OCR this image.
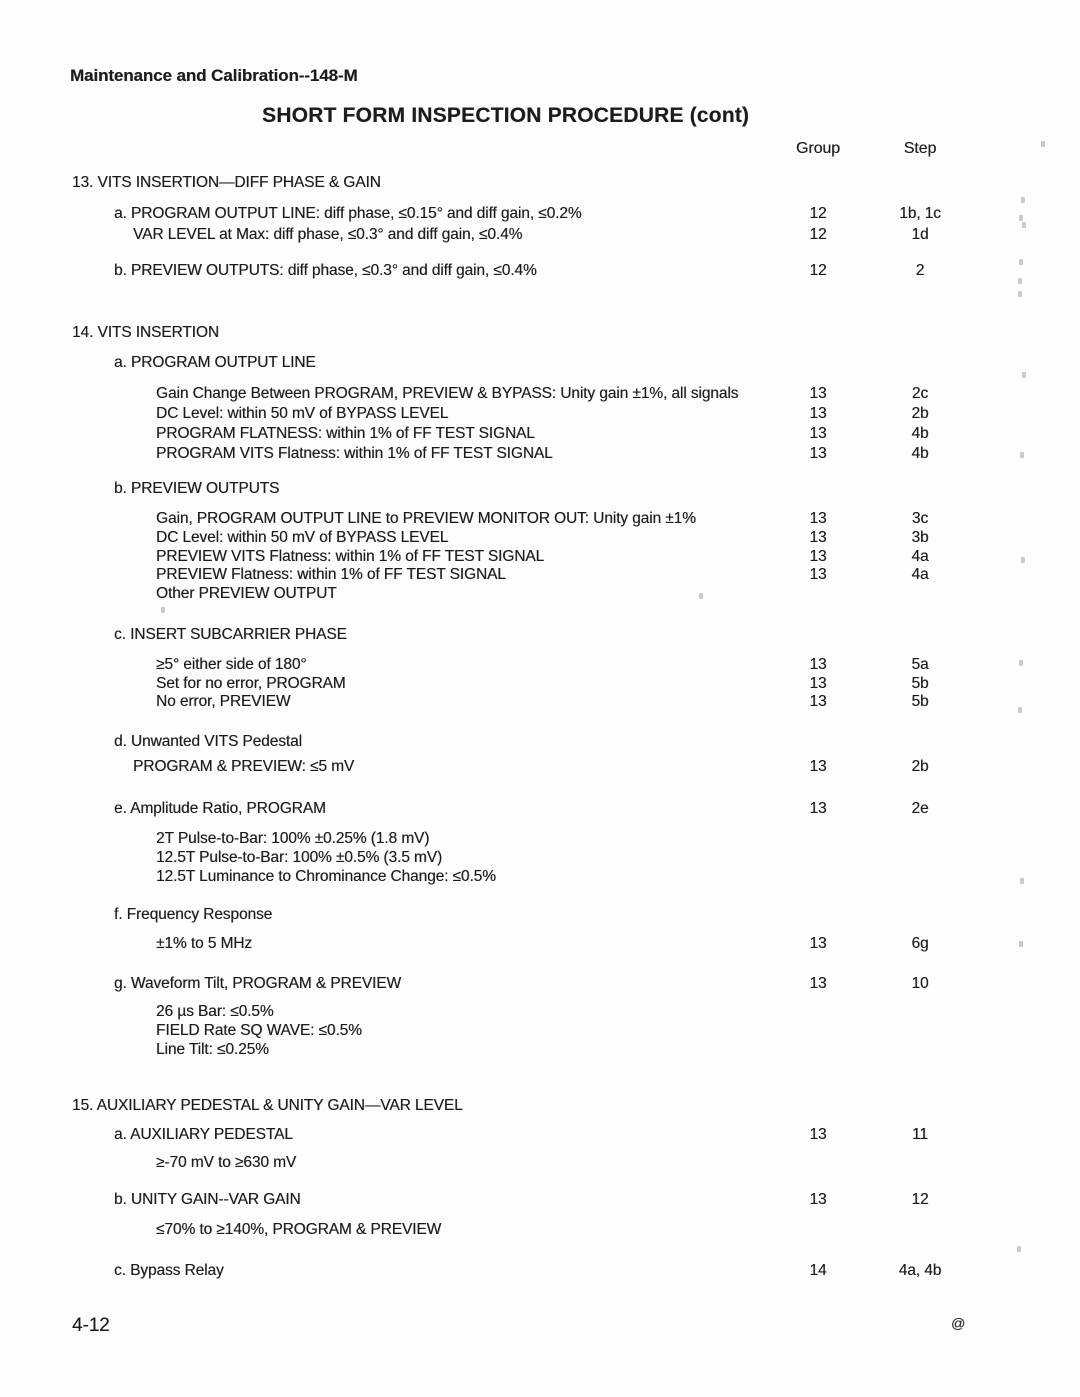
Maintenance and Calibration--148-M
SHORT FORM INSPECTION PROCEDURE (cont)
Group	Step
13. VITS INSERTION—DIFF PHASE & GAIN
a. PROGRAM OUTPUT LINE: diff phase, ≤0.15° and diff gain, ≤0.2%	12	1b, 1c
VAR LEVEL at Max: diff phase, ≤0.3° and diff gain, ≤0.4%	12	1d
b. PREVIEW OUTPUTS: diff phase, ≤0.3° and diff gain, ≤0.4%	12	2
14. VITS INSERTION
a. PROGRAM OUTPUT LINE
Gain Change Between PROGRAM, PREVIEW & BYPASS: Unity gain ±1%, all signals	13	2c
DC Level: within 50 mV of BYPASS LEVEL	13	2b
PROGRAM FLATNESS: within 1% of FF TEST SIGNAL	13	4b
PROGRAM VITS Flatness: within 1% of FF TEST SIGNAL	13	4b
b. PREVIEW OUTPUTS
Gain, PROGRAM OUTPUT LINE to PREVIEW MONITOR OUT: Unity gain ±1%	13	3c
DC Level: within 50 mV of BYPASS LEVEL	13	3b
PREVIEW VITS Flatness: within 1% of FF TEST SIGNAL	13	4a
PREVIEW Flatness: within 1% of FF TEST SIGNAL	13	4a
Other PREVIEW OUTPUT
c. INSERT SUBCARRIER PHASE
≥5° either side of 180°	13	5a
Set for no error, PROGRAM	13	5b
No error, PREVIEW	13	5b
d. Unwanted VITS Pedestal
PROGRAM & PREVIEW: ≤5 mV	13	2b
e. Amplitude Ratio, PROGRAM	13	2e
2T Pulse-to-Bar: 100% ±0.25% (1.8 mV)
12.5T Pulse-to-Bar: 100% ±0.5% (3.5 mV)
12.5T Luminance to Chrominance Change: ≤0.5%
f. Frequency Response
±1% to 5 MHz	13	6g
g. Waveform Tilt, PROGRAM & PREVIEW	13	10
26 µs Bar: ≤0.5%
FIELD Rate SQ WAVE: ≤0.5%
Line Tilt: ≤0.25%
15. AUXILIARY PEDESTAL & UNITY GAIN—VAR LEVEL
a. AUXILIARY PEDESTAL	13	11
≥-70 mV to ≥630 mV
b. UNITY GAIN--VAR GAIN	13	12
≤70% to ≥140%, PROGRAM & PREVIEW
c. Bypass Relay	14	4a, 4b
4-12	@
